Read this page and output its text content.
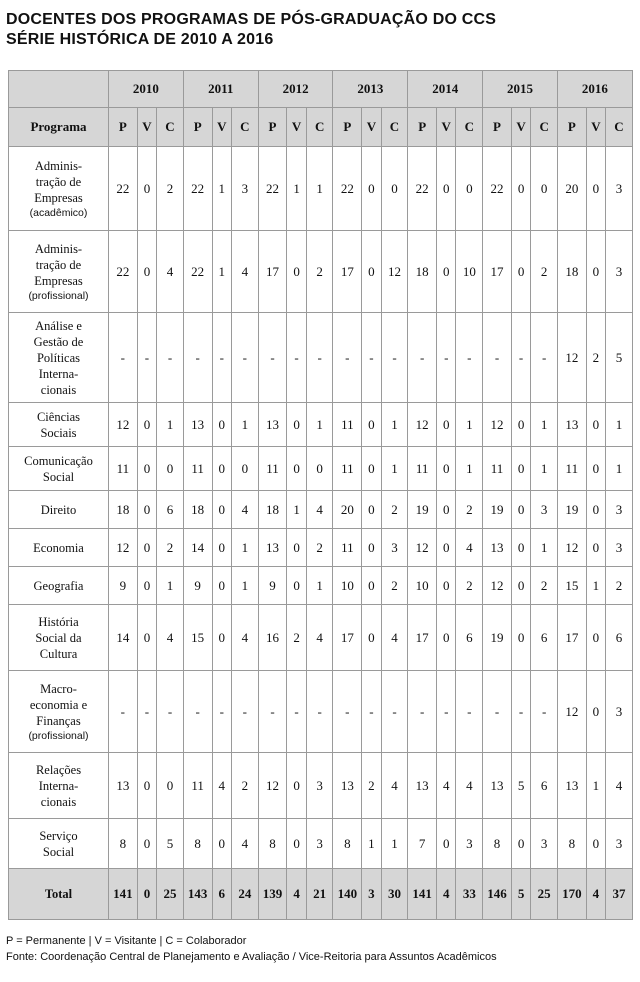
DOCENTES DOS PROGRAMAS DE PÓS-GRADUAÇÃO DO CCS
SÉRIE HISTÓRICA DE 2010 A 2016
	2010			2011			2012			2013			2014			2015			2016		
Programa	P	V	C	P	V	C	P	V	C	P	V	C	P	V	C	P	V	C	P	V	C
Adminis-
tração de
Empresas
(acadêmico)	22	0	2	22	1	3	22	1	1	22	0	0	22	0	0	22	0	0	20	0	3
Adminis-
tração de
Empresas
(profissional)	22	0	4	22	1	4	17	0	2	17	0	12	18	0	10	17	0	2	18	0	3
Análise e
Gestão de
Políticas
Interna-
cionais	-	-	-	-	-	-	-	-	-	-	-	-	-	-	-	-	-	-	12	2	5
Ciências
Sociais	12	0	1	13	0	1	13	0	1	11	0	1	12	0	1	12	0	1	13	0	1
Comunicação
Social	11	0	0	11	0	0	11	0	0	11	0	1	11	0	1	11	0	1	11	0	1
Direito	18	0	6	18	0	4	18	1	4	20	0	2	19	0	2	19	0	3	19	0	3
Economia	12	0	2	14	0	1	13	0	2	11	0	3	12	0	4	13	0	1	12	0	3
Geografia	9	0	1	9	0	1	9	0	1	10	0	2	10	0	2	12	0	2	15	1	2
História
Social da
Cultura	14	0	4	15	0	4	16	2	4	17	0	4	17	0	6	19	0	6	17	0	6
Macro-
economia e
Finanças
(profissional)	-	-	-	-	-	-	-	-	-	-	-	-	-	-	-	-	-	-	12	0	3
Relações
Interna-
cionais	13	0	0	11	4	2	12	0	3	13	2	4	13	4	4	13	5	6	13	1	4
Serviço
Social	8	0	5	8	0	4	8	0	3	8	1	1	7	0	3	8	0	3	8	0	3
Total	141	0	25	143	6	24	139	4	21	140	3	30	141	4	33	146	5	25	170	4	37
P = Permanente | V = Visitante | C = Colaborador
Fonte: Coordenação Central de Planejamento e Avaliação / Vice-Reitoria para Assuntos Acadêmicos
